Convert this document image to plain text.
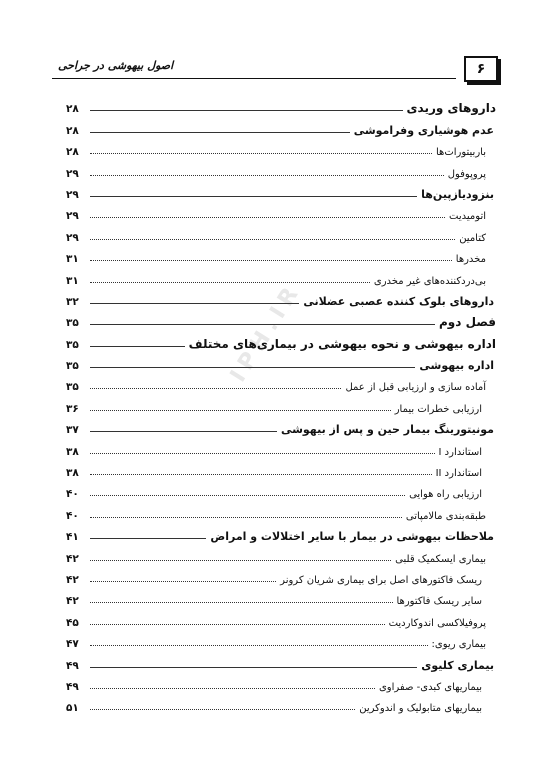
۶
اصول بیهوشی در جراحی
IPH.IR
داروهای وریدی
۲۸
عدم هوشیاری وفراموشی
۲۸
باربیتورات‌ها
۲۸
پروپوفول
۲۹
بنزودیازپین‌ها
۲۹
اتومیدیت
۲۹
کتامین
۲۹
مخدرها
۳۱
بی‌دردکننده‌های غیر مخدری
۳۱
داروهای بلوک کننده عصبی عضلانی
۳۲
فصل دوم
۳۵
اداره بیهوشی و نحوه بیهوشی در بیماری‌های مختلف
۳۵
اداره بیهوشی
۳۵
آماده سازی و ارزیابی قبل از عمل
۳۵
ارزیابی خطرات بیمار
۳۶
مونیتورینگ بیمار حین و پس از بیهوشی
۳۷
استاندارد I
۳۸
استاندارد II
۳۸
ارزیابی راه هوایی
۴۰
طبقه‌بندی مالامپاتی
۴۰
ملاحظات بیهوشی در بیمار با سایر اختلالات و امراض
۴۱
بیماری ایسکمیک قلبی
۴۲
ریسک فاکتورهای اصل برای بیماری شریان کرونر
۴۲
سایر ریسک فاکتورها
۴۲
پروفیلاکسی اندوکاردیت
۴۵
بیماری ریوی:
۴۷
بیماری کلیوی
۴۹
بیماریهای کبدی- صفراوی
۴۹
بیماریهای متابولیک و اندوکرین
۵۱
